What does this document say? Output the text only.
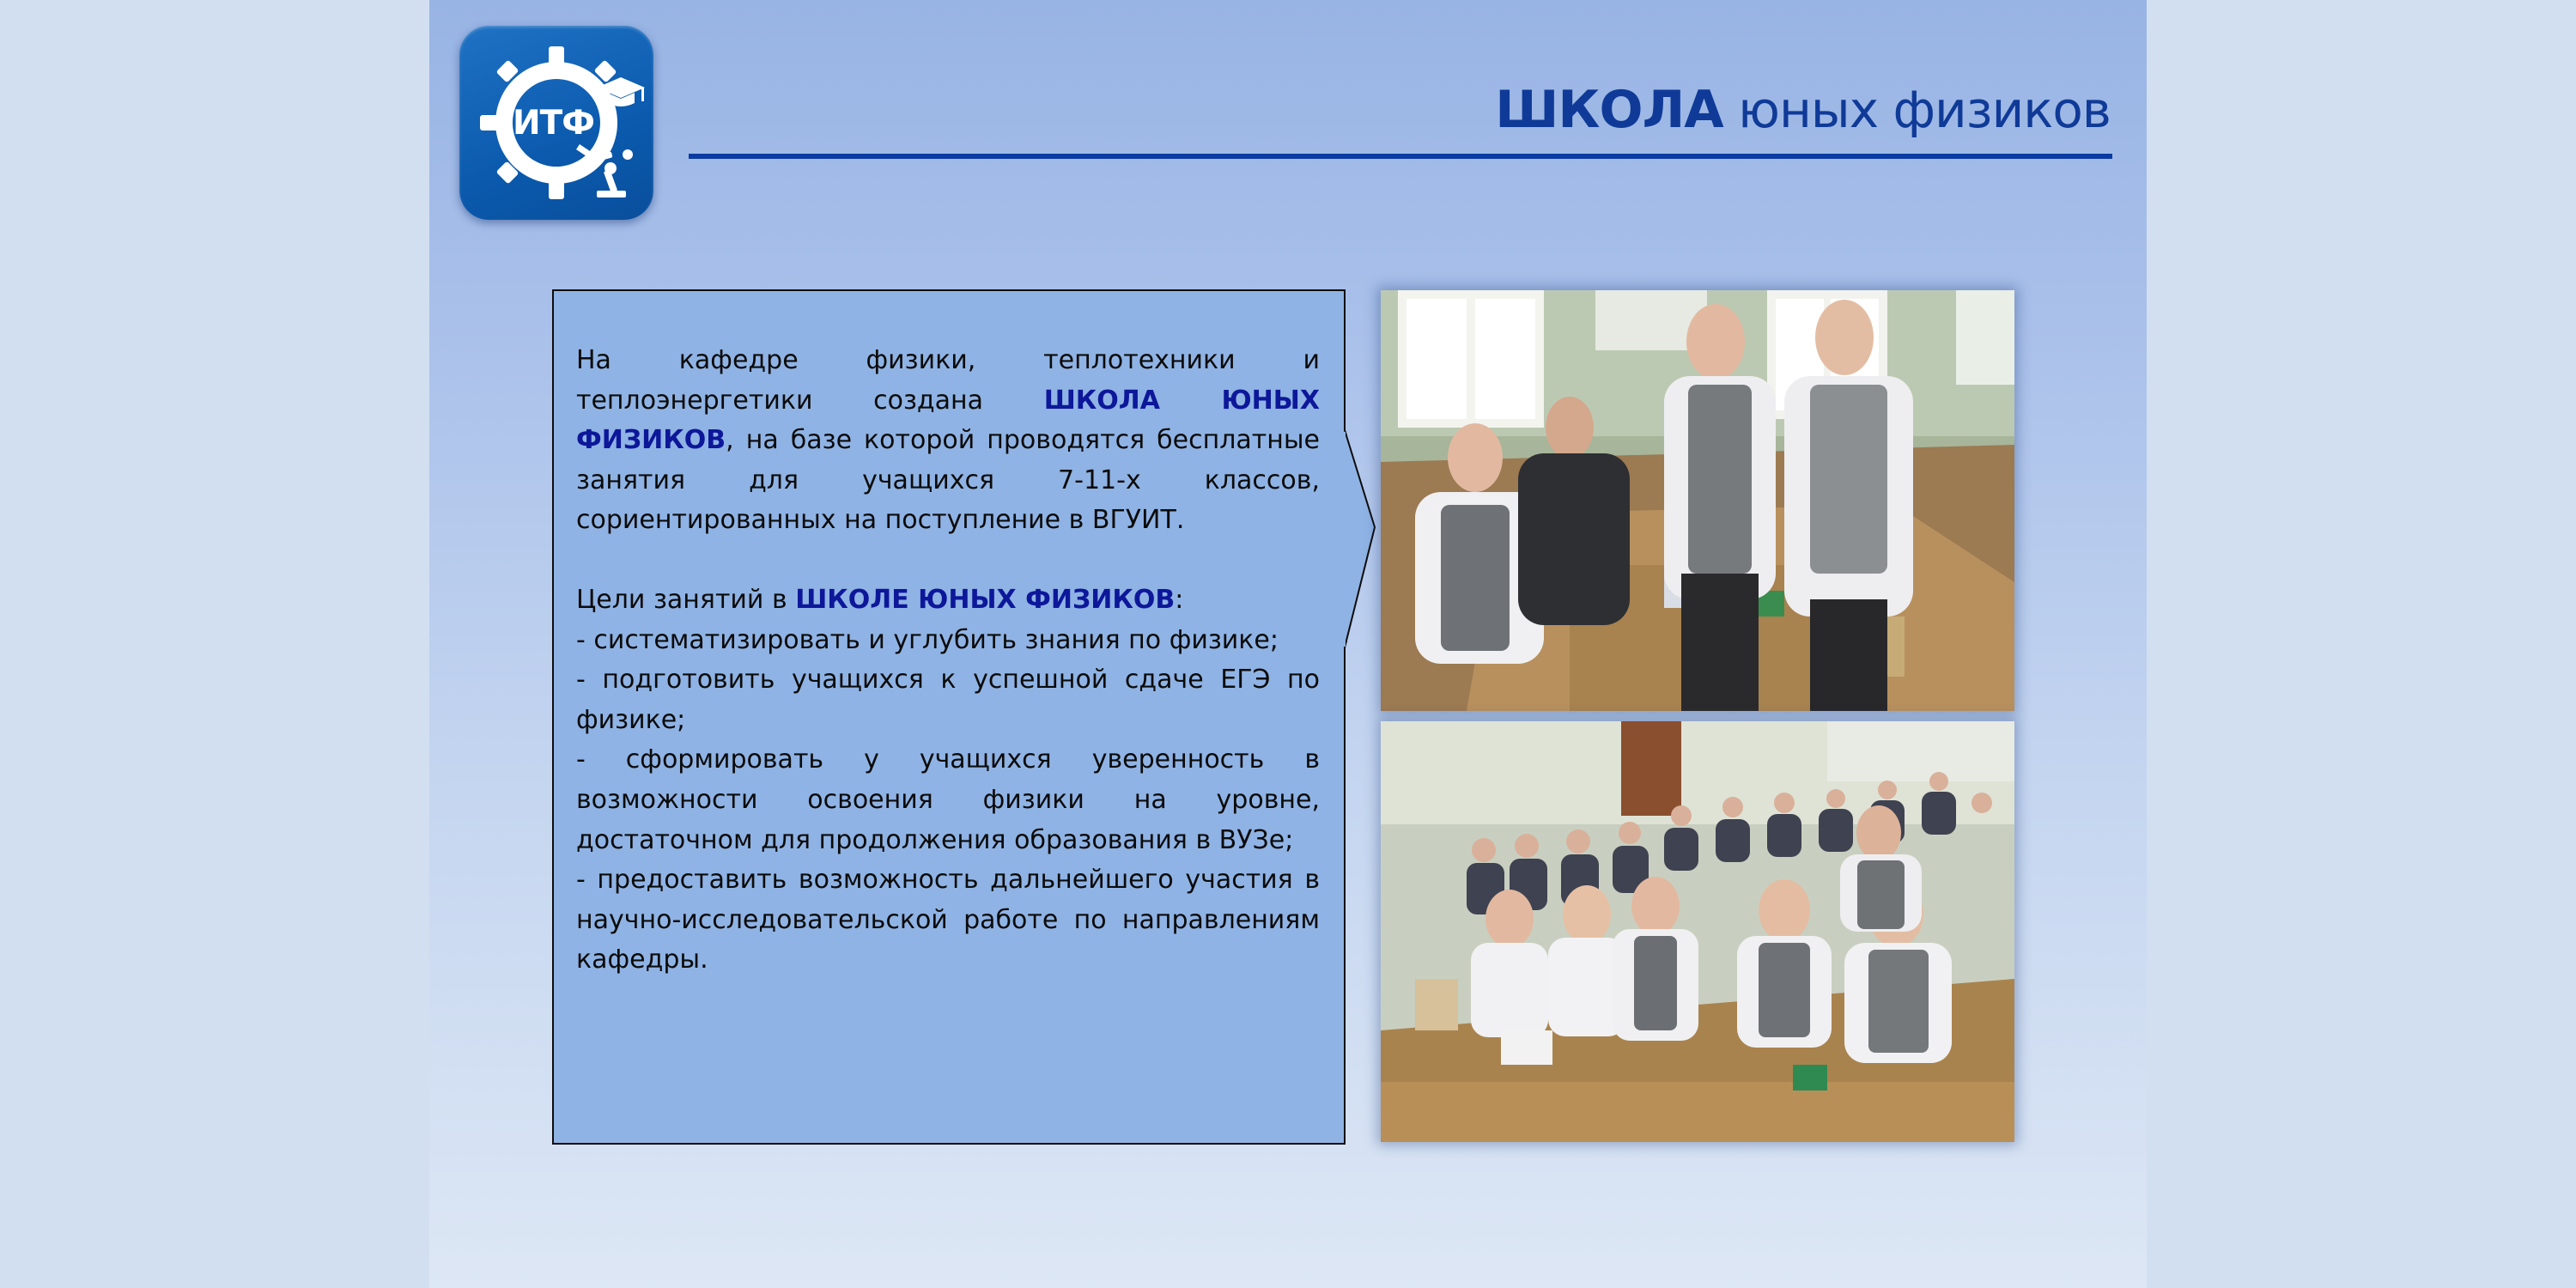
ИТФ	ШКОЛА юных физиков

На кафедре физики, теплотехники и теплоэнергетики создана ШКОЛА ЮНЫХ ФИЗИКОВ, на базе которой проводятся бесплатные занятия для учащихся 7-11-х классов, сориентированных на поступление в ВГУИТ.

Цели занятий в ШКОЛЕ ЮНЫХ ФИЗИКОВ:

- систематизировать и углубить знания по физике;

- подготовить учащихся к успешной сдаче ЕГЭ по физике;

- сформировать у учащихся уверенность в возможности освоения физики на уровне, достаточном для продолжения образования в ВУЗе;

- предоставить возможность дальнейшего участия в научно-исследовательской работе по направлениям кафедры.
